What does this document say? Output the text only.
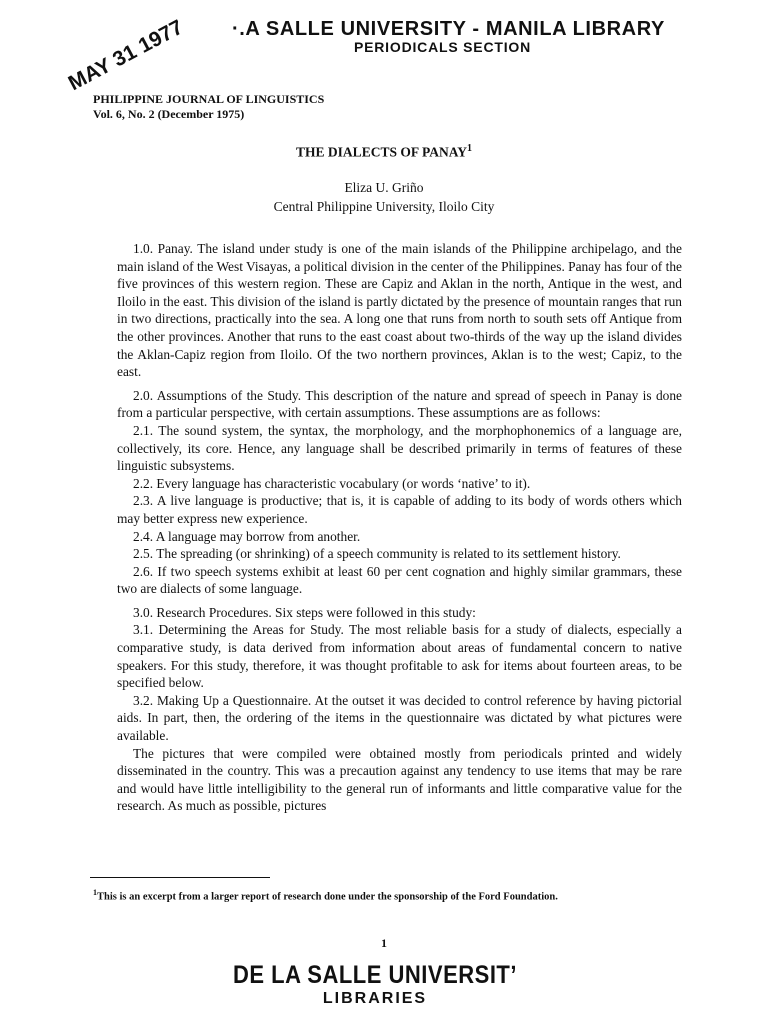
·.A SALLE UNIVERSITY - MANILA LIBRARY
PERIODICALS SECTION
MAY 31 1977
PHILIPPINE JOURNAL OF LINGUISTICS
Vol. 6, No. 2 (December 1975)
THE DIALECTS OF PANAY$^1$
Eliza U. Griño
Central Philippine University, Iloilo City

1.0. Panay. The island under study is one of the main islands of the Philippine archipelago, and the main island of the West Visayas, a political division in the center of the Philippines. Panay has four of the five provinces of this western region. These are Capiz and Aklan in the north, Antique in the west, and Iloilo in the east. This division of the island is partly dictated by the presence of mountain ranges that run in two directions, practically into the sea. A long one that runs from north to south sets off Antique from the other provinces. Another that runs to the east coast about two-thirds of the way up the island divides the Aklan-Capiz region from Iloilo. Of the two northern provinces, Aklan is to the west; Capiz, to the east.

2.0. Assumptions of the Study. This description of the nature and spread of speech in Panay is done from a particular perspective, with certain assumptions. These assumptions are as follows:

2.1. The sound system, the syntax, the morphology, and the morphophonemics of a language are, collectively, its core. Hence, any language shall be described primarily in terms of features of these linguistic subsystems.

2.2. Every language has characteristic vocabulary (or words ‘native’ to it).

2.3. A live language is productive; that is, it is capable of adding to its body of words others which may better express new experience.

2.4. A language may borrow from another.

2.5. The spreading (or shrinking) of a speech community is related to its settlement history.

2.6. If two speech systems exhibit at least 60 per cent cognation and highly similar grammars, these two are dialects of some language.

3.0. Research Procedures. Six steps were followed in this study:

3.1. Determining the Areas for Study. The most reliable basis for a study of dialects, especially a comparative study, is data derived from information about areas of fundamental concern to native speakers. For this study, therefore, it was thought profitable to ask for items about fourteen areas, to be specified below.

3.2. Making Up a Questionnaire. At the outset it was decided to control reference by having pictorial aids. In part, then, the ordering of the items in the questionnaire was dictated by what pictures were available.

The pictures that were compiled were obtained mostly from periodicals printed and widely disseminated in the country. This was a precaution against any tendency to use items that may be rare and would have little intelligibility to the general run of informants and little comparative value for the research. As much as possible, pictures

$^1$This is an excerpt from a larger report of research done under the sponsorship of the Ford Foundation.
1
DE LA SALLE UNIVERSITʼ
LIBRARIES
